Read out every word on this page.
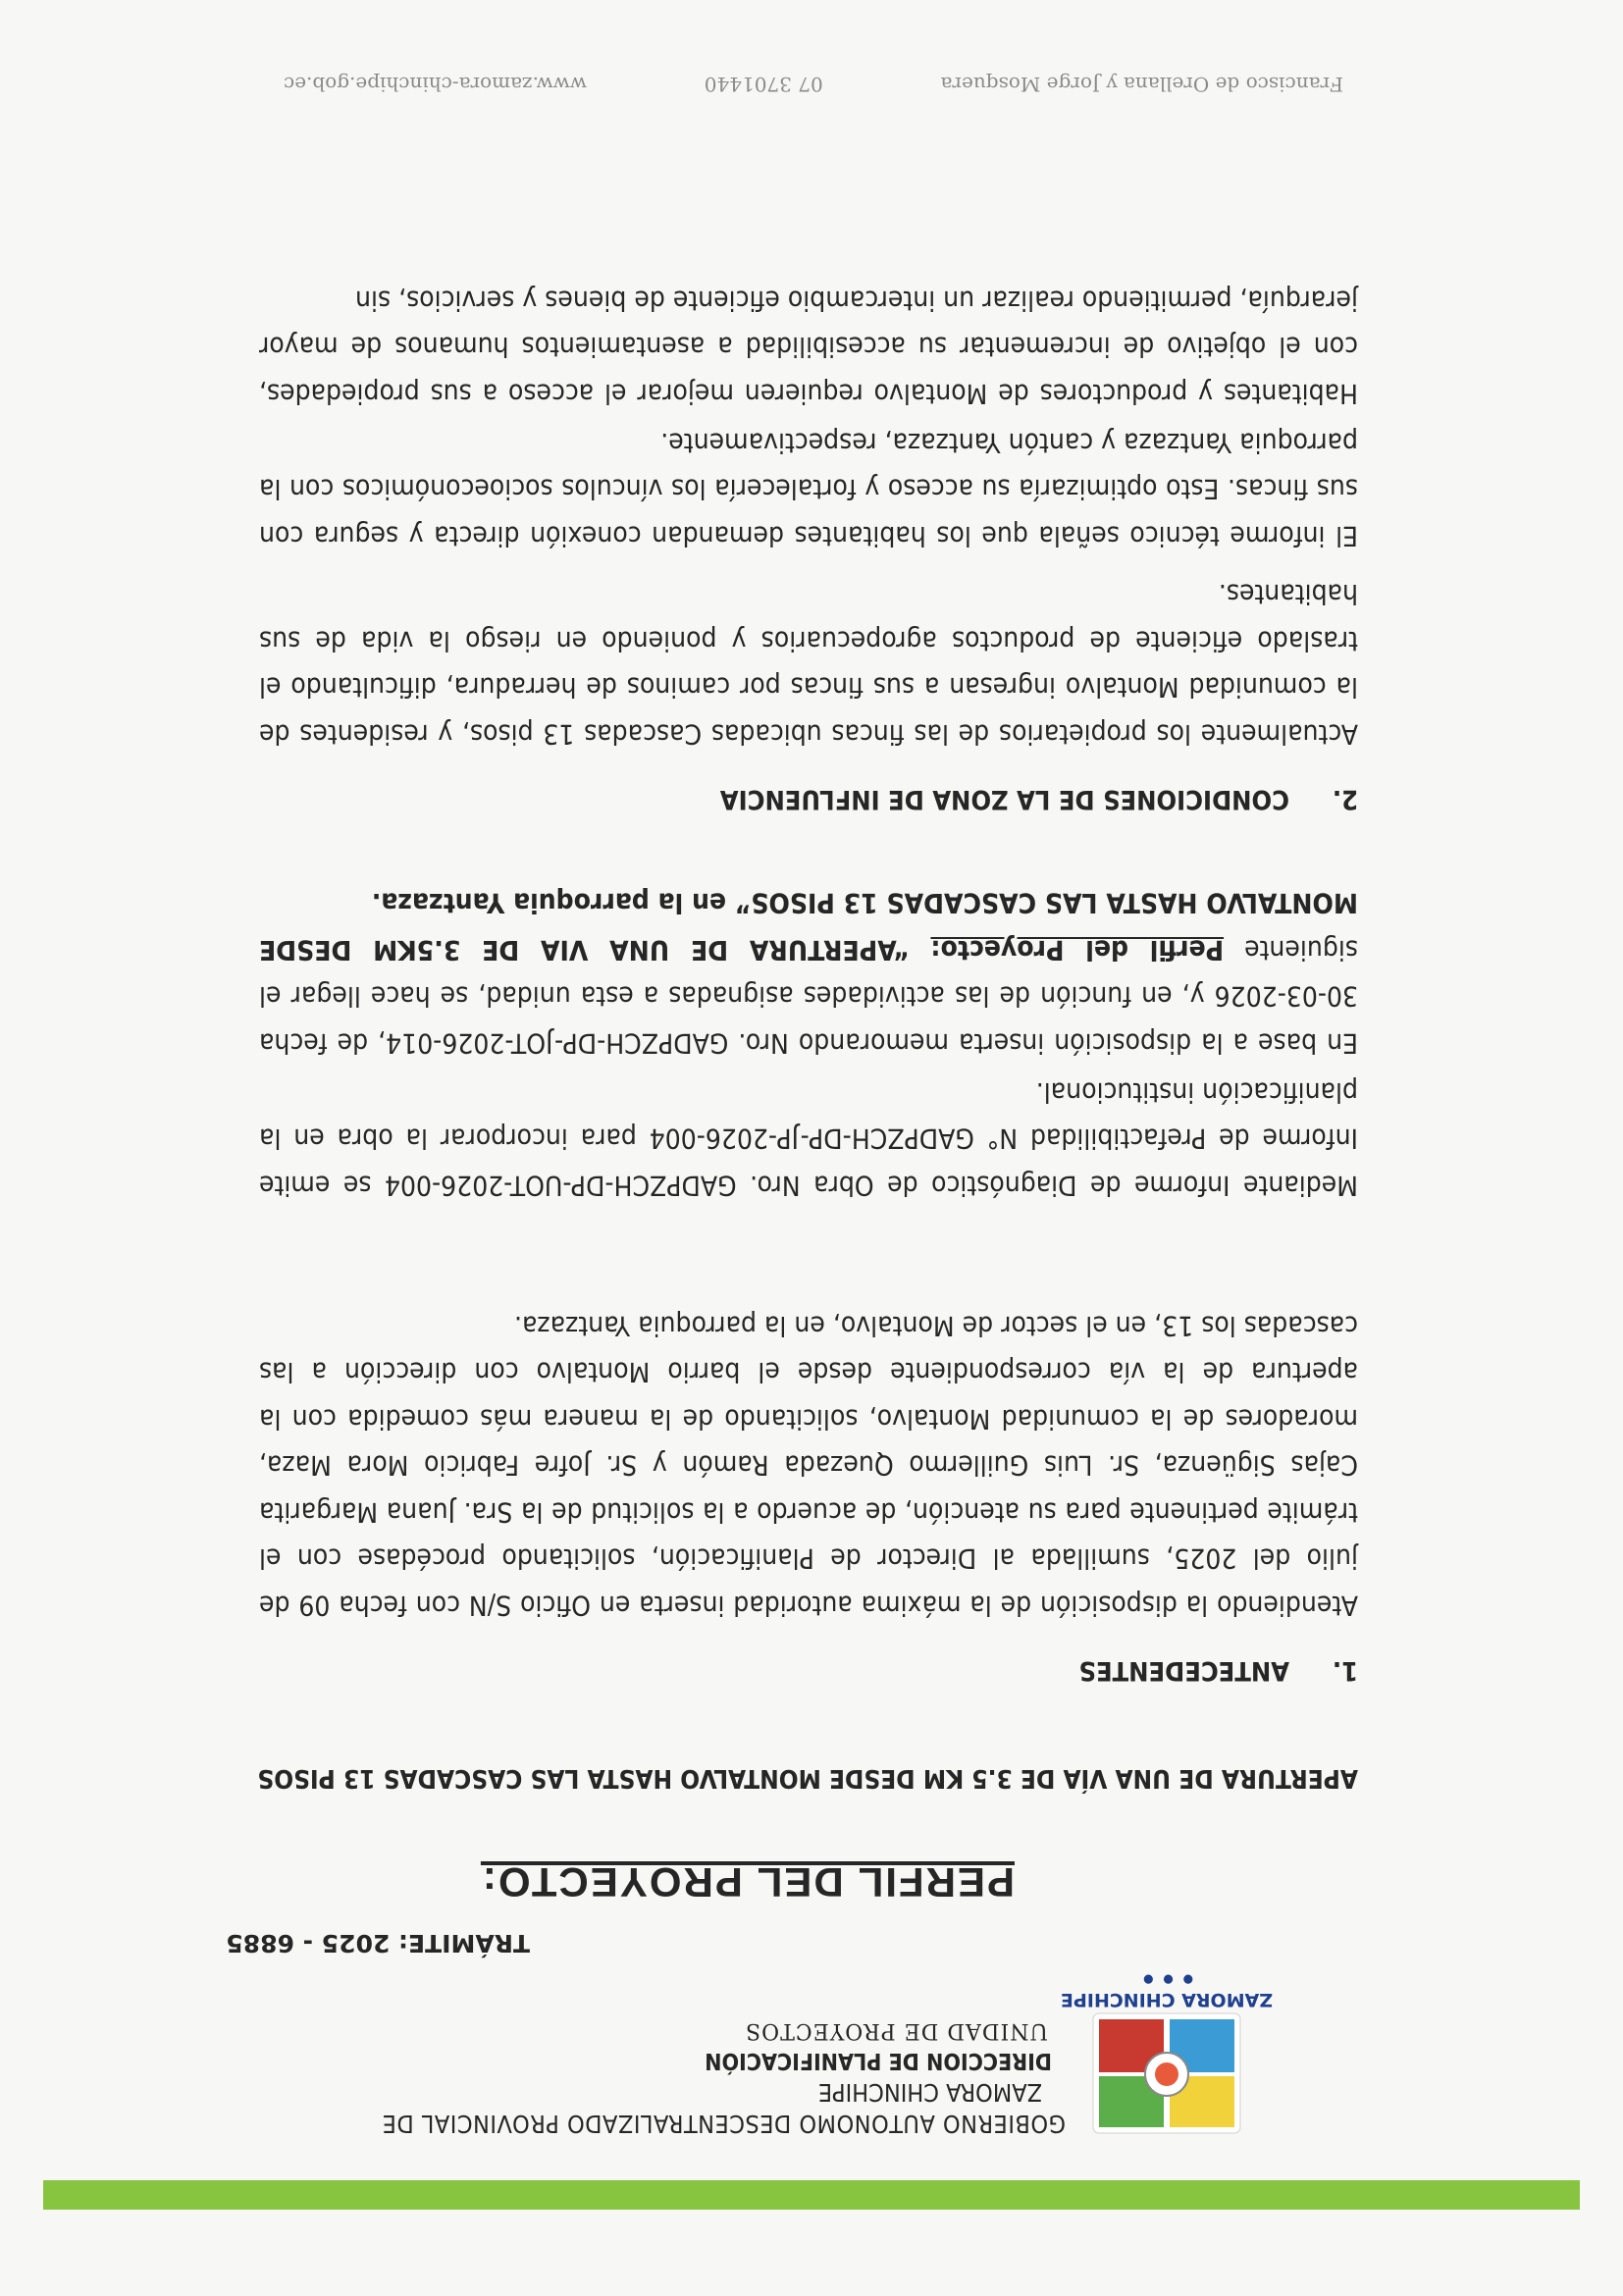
ZAMORA CHINCHIPE
● ● ●
GOBIERNO AUTONOMO DESCENTRALIZADO PROVINCIAL DE
ZAMORA CHINCHIPE
DIRECCION DE PLANIFICACIÓN
UNIDAD DE PROYECTOS
TRÁMITE: 2025 - 6885
PERFIL DEL PROYECTO:
APERTURA DE UNA VÍA DE 3.5 KM DESDE MONTALVO HASTA LAS CASCADAS 13 PISOS
1.ANTECEDENTES
Atendiendo la disposición de la máxima autoridad inserta en Oficio S/N con fecha 09 de julio del 2025, sumillada al Director de Planificación, solicitando procédase con el trámite pertinente para su atención, de acuerdo a la solicitud de la Sra. Juana Margarita Cajas Sigüenza, Sr. Luis Guillermo Quezada Ramón y Sr. Jofre Fabricio Mora Maza, moradores de la comunidad Montalvo, solicitando de la manera más comedida con la apertura de la vía correspondiente desde el barrio Montalvo con dirección a las cascadas los 13, en el sector de Montalvo, en la parroquia Yantzaza.
Mediante Informe de Diagnóstico de Obra Nro. GADPZCH-DP-UOT-2026-004 se emite Informe de Prefactibilidad N° GADPZCH-DP-JP-2026-004 para incorporar la obra en la planificación institucional.
En base a la disposición inserta memorando Nro. GADPZCH-DP-JOT-2026-014, de fecha 30-03-2026 y, en función de las actividades asignadas a esta unidad, se hace llegar el siguiente Perfil del Proyecto: “APERTURA DE UNA VIA DE 3.5KM DESDE MONTALVO HASTA LAS CASCADAS 13 PISOS” en la parroquia Yantzaza.
2.CONDICIONES DE LA ZONA DE INFLUENCIA
Actualmente los propietarios de las fincas ubicadas Cascadas 13 pisos, y residentes de la comunidad Montalvo ingresan a sus fincas por caminos de herradura, dificultando el traslado eficiente de productos agropecuarios y poniendo en riesgo la vida de sus habitantes.
El informe técnico señala que los habitantes demandan conexión directa y segura con sus fincas. Esto optimizaría su acceso y fortalecería los vínculos socioeconómicos con la parroquia Yantzaza y cantón Yantzaza, respectivamente.
Habitantes y productores de Montalvo requieren mejorar el acceso a sus propiedades, con el objetivo de incrementar su accesibilidad a asentamientos humanos de mayor jerarquía, permitiendo realizar un intercambio eficiente de bienes y servicios, sin
Francisco de Orellana y Jorge Mosquera
07 3701440
www.zamora-chinchipe.gob.ec
